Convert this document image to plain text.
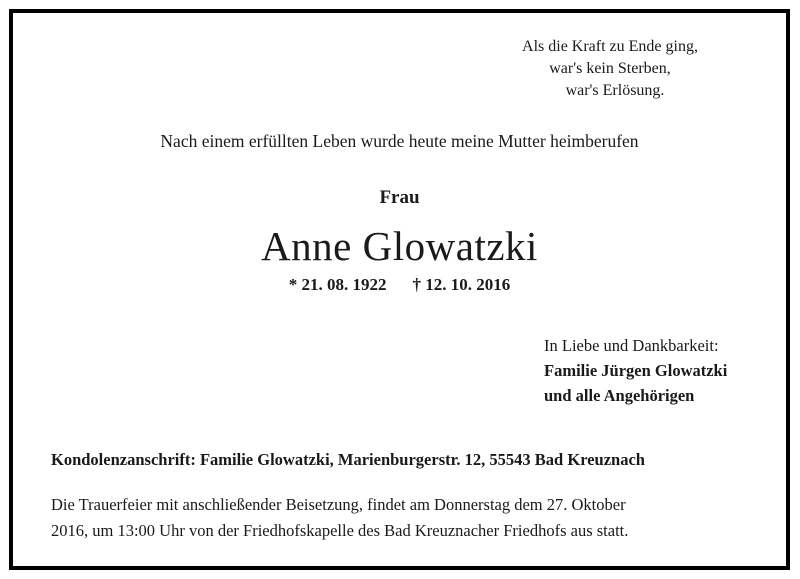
Als die Kraft zu Ende ging,
war's kein Sterben,
war's Erlösung.
Nach einem erfüllten Leben wurde heute meine Mutter heimberufen
Frau
Anne Glowatzki
* 21. 08. 1922 † 12. 10. 2016
In Liebe und Dankbarkeit:
Familie Jürgen Glowatzki
und alle Angehörigen
Kondolenzanschrift: Familie Glowatzki, Marienburgerstr. 12, 55543 Bad Kreuznach
Die Trauerfeier mit anschließender Beisetzung, findet am Donnerstag dem 27. Oktober
2016, um 13:00 Uhr von der Friedhofskapelle des Bad Kreuznacher Friedhofs aus statt.
